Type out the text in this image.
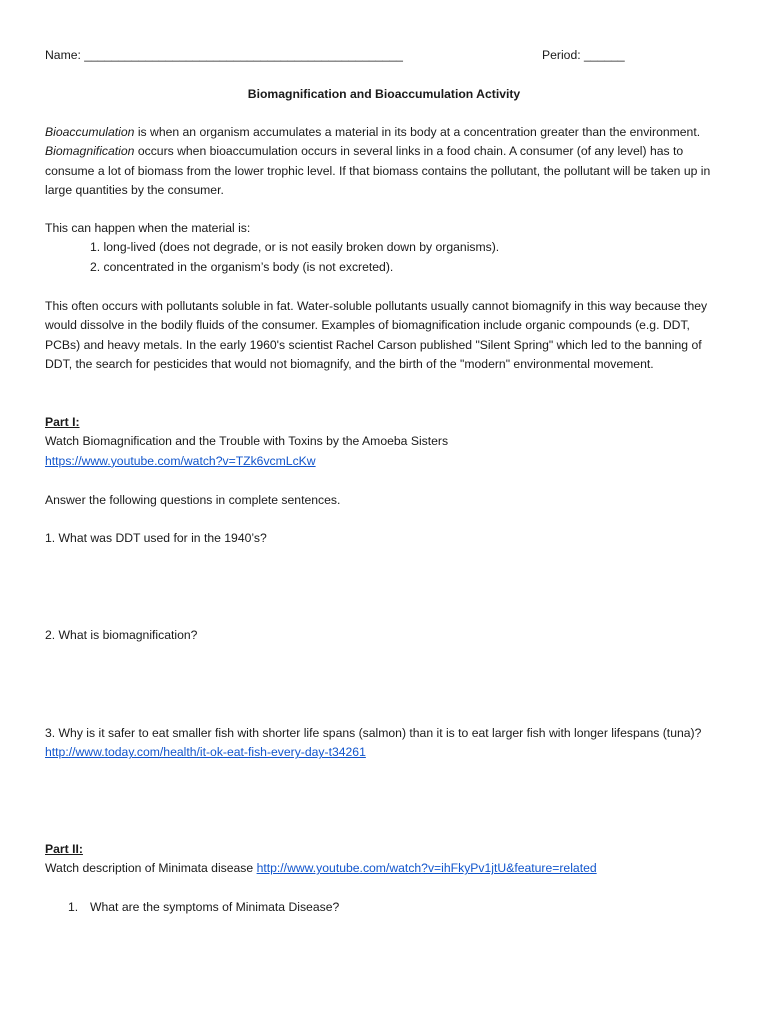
Name: _______________________________________________	Period: ______
Biomagnification and Bioaccumulation Activity

Bioaccumulation is when an organism accumulates a material in its body at a concentration greater than the environment. Biomagnification occurs when bioaccumulation occurs in several links in a food chain. A consumer (of any level) has to consume a lot of biomass from the lower trophic level. If that biomass contains the pollutant, the pollutant will be taken up in large quantities by the consumer.

This can happen when the material is:

1. long-lived (does not degrade, or is not easily broken down by organisms).

2. concentrated in the organism’s body (is not excreted).

This often occurs with pollutants soluble in fat. Water-soluble pollutants usually cannot biomagnify in this way because they would dissolve in the bodily fluids of the consumer. Examples of biomagnification include organic compounds (e.g. DDT, PCBs) and heavy metals. In the early 1960's scientist Rachel Carson published "Silent Spring" which led to the banning of DDT, the search for pesticides that would not biomagnify, and the birth of the "modern" environmental movement.

Part I:

Watch Biomagnification and the Trouble with Toxins by the Amoeba Sisters

https://www.youtube.com/watch?v=TZk6vcmLcKw

Answer the following questions in complete sentences.
1. What was DDT used for in the 1940’s?
2. What is biomagnification?

3. Why is it safer to eat smaller fish with shorter life spans (salmon) than it is to eat larger fish with longer lifespans (tuna)? http://www.today.com/health/it-ok-eat-fish-every-day-t34261

Part II:

Watch description of Minimata disease http://www.youtube.com/watch?v=ihFkyPv1jtU&feature=related

1. What are the symptoms of Minimata Disease?
